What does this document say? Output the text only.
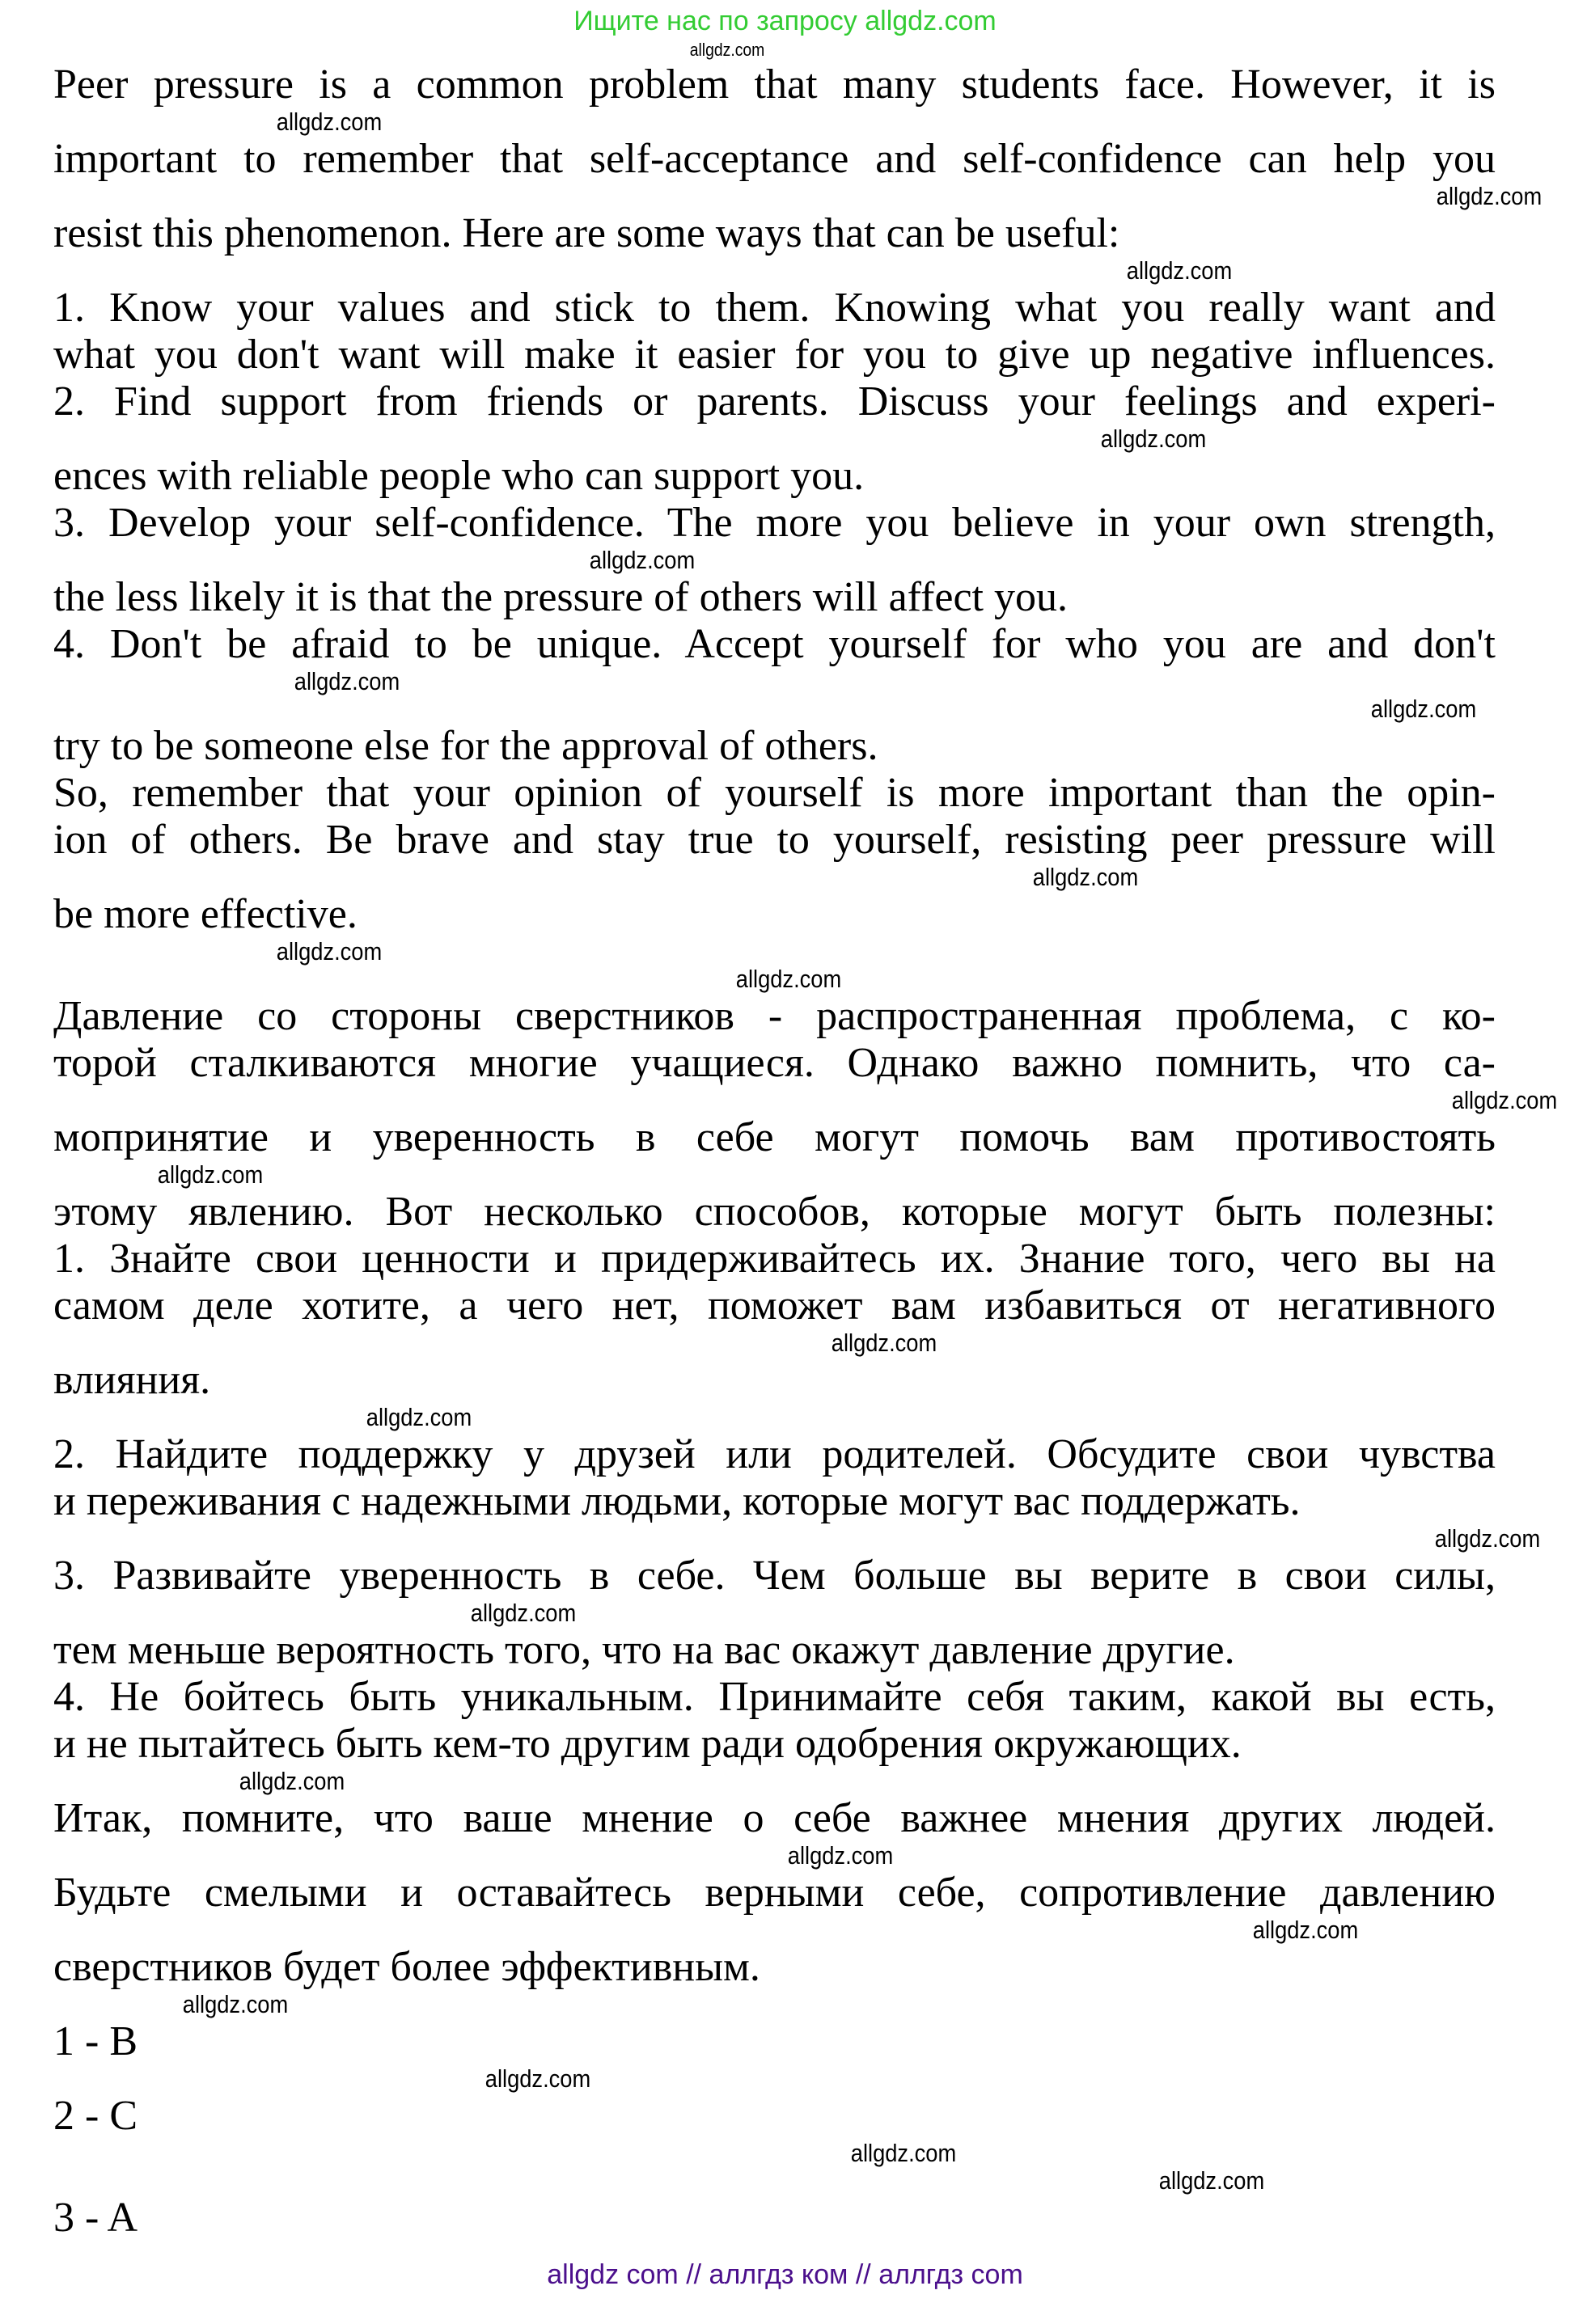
Ищите нас по запросу allgdz.com
allgdz.com
Peer pressure is a common problem that many students face. However, it is
allgdz.com
important to remember that self-acceptance and self-confidence can help you
allgdz.com
resist this phenomenon. Here are some ways that can be useful:
allgdz.com
1. Know your values and stick to them. Knowing what you really want and
what you don't want will make it easier for you to give up negative influences.
2. Find support from friends or parents. Discuss your feelings and experi-
allgdz.com
ences with reliable people who can support you.
3. Develop your self-confidence. The more you believe in your own strength,
allgdz.com
the less likely it is that the pressure of others will affect you.
4. Don't be afraid to be unique. Accept yourself for who you are and don't
allgdz.com
allgdz.com
try to be someone else for the approval of others.
So, remember that your opinion of yourself is more important than the opin-
ion of others. Be brave and stay true to yourself, resisting peer pressure will
allgdz.com
be more effective.
allgdz.com
allgdz.com
Давление со стороны сверстников - распространенная проблема, с ко-
торой сталкиваются многие учащиеся. Однако важно помнить, что са-
allgdz.com
мопринятие и уверенность в себе могут помочь вам противостоять
allgdz.com
этому явлению. Вот несколько способов, которые могут быть полезны:
1. Знайте свои ценности и придерживайтесь их. Знание того, чего вы на
самом деле хотите, а чего нет, поможет вам избавиться от негативного
allgdz.com
влияния.
allgdz.com
2. Найдите поддержку у друзей или родителей. Обсудите свои чувства
и переживания с надежными людьми, которые могут вас поддержать.
allgdz.com
3. Развивайте уверенность в себе. Чем больше вы верите в свои силы,
allgdz.com
тем меньше вероятность того, что на вас окажут давление другие.
4. Не бойтесь быть уникальным. Принимайте себя таким, какой вы есть,
и не пытайтесь быть кем-то другим ради одобрения окружающих.
allgdz.com
Итак, помните, что ваше мнение о себе важнее мнения других людей.
allgdz.com
Будьте смелыми и оставайтесь верными себе, сопротивление давлению
allgdz.com
сверстников будет более эффективным.
allgdz.com
1 - B
allgdz.com
2 - C
allgdz.com
allgdz.com
3 - A
allgdz com // аллгдз ком // аллгдз com
